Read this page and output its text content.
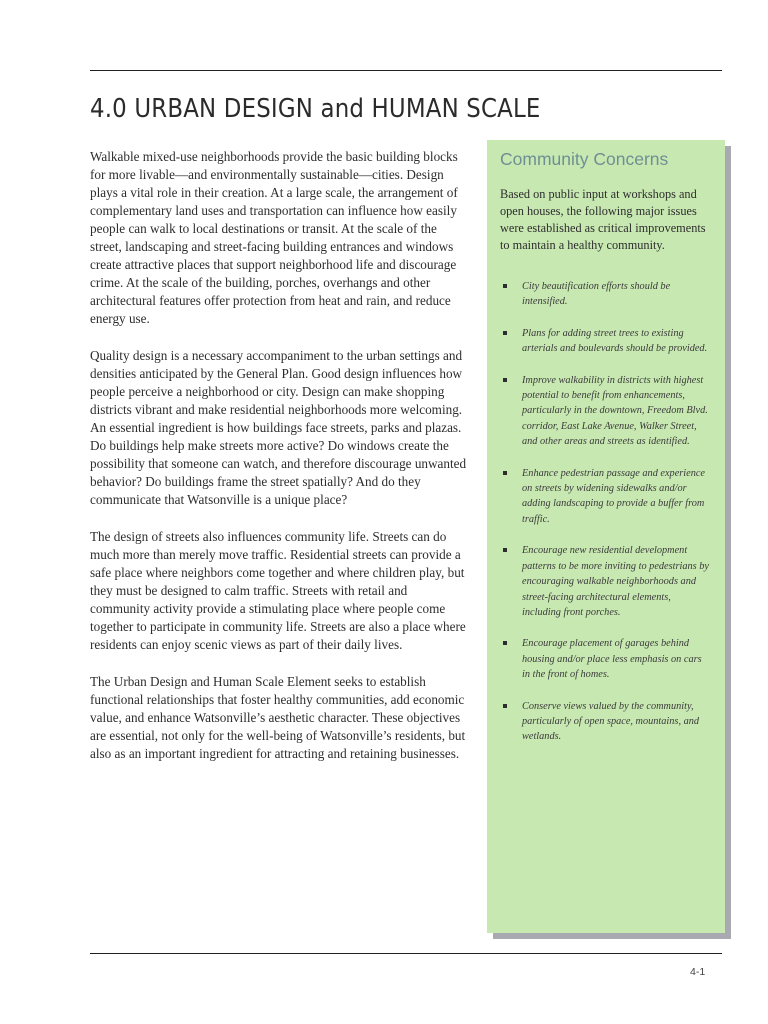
4.0 URBAN DESIGN and HUMAN SCALE

Walkable mixed-use neighborhoods provide the basic building blocks for more livable—and environmentally sustainable—cities. Design plays a vital role in their creation. At a large scale, the arrangement of complementary land uses and transportation can influence how easily people can walk to local destinations or transit. At the scale of the street, landscaping and street-facing building entrances and windows create attractive places that support neighborhood life and discourage crime. At the scale of the building, porches, overhangs and other architectural features offer protection from heat and rain, and reduce energy use.

Quality design is a necessary accompaniment to the urban settings and densities anticipated by the General Plan. Good design influences how people perceive a neighborhood or city. Design can make shopping districts vibrant and make residential neighborhoods more welcoming. An essential ingredient is how buildings face streets, parks and plazas. Do buildings help make streets more active? Do windows create the possibility that someone can watch, and therefore discourage unwanted behavior? Do buildings frame the street spatially? And do they communicate that Watsonville is a unique place?

The design of streets also influences community life. Streets can do much more than merely move traffic. Residential streets can provide a safe place where neighbors come together and where children play, but they must be designed to calm traffic. Streets with retail and community activity provide a stimulating place where people come together to participate in community life. Streets are also a place where residents can enjoy scenic views as part of their daily lives.

The Urban Design and Human Scale Element seeks to establish functional relationships that foster healthy communities, add economic value, and enhance Watsonville’s aesthetic character. These objectives are essential, not only for the well-being of Watsonville’s residents, but also as an important ingredient for attracting and retaining businesses.

Community Concerns

Based on public input at workshops and open houses, the following major issues were established as critical improvements to maintain a healthy community.

City beautification efforts should be intensified.
Plans for adding street trees to existing arterials and boulevards should be provided.
Improve walkability in districts with highest potential to benefit from enhancements, particularly in the downtown, Freedom Blvd. corridor, East Lake Avenue, Walker Street, and other areas and streets as identified.
Enhance pedestrian passage and experience on streets by widening sidewalks and/or adding landscaping to provide a buffer from traffic.
Encourage new residential development patterns to be more inviting to pedestrians by encouraging walkable neighborhoods and street-facing architectural elements, including front porches.
Encourage placement of garages behind housing and/or place less emphasis on cars in the front of homes.
Conserve views valued by the community, particularly of open space, mountains, and wetlands.
4-1
